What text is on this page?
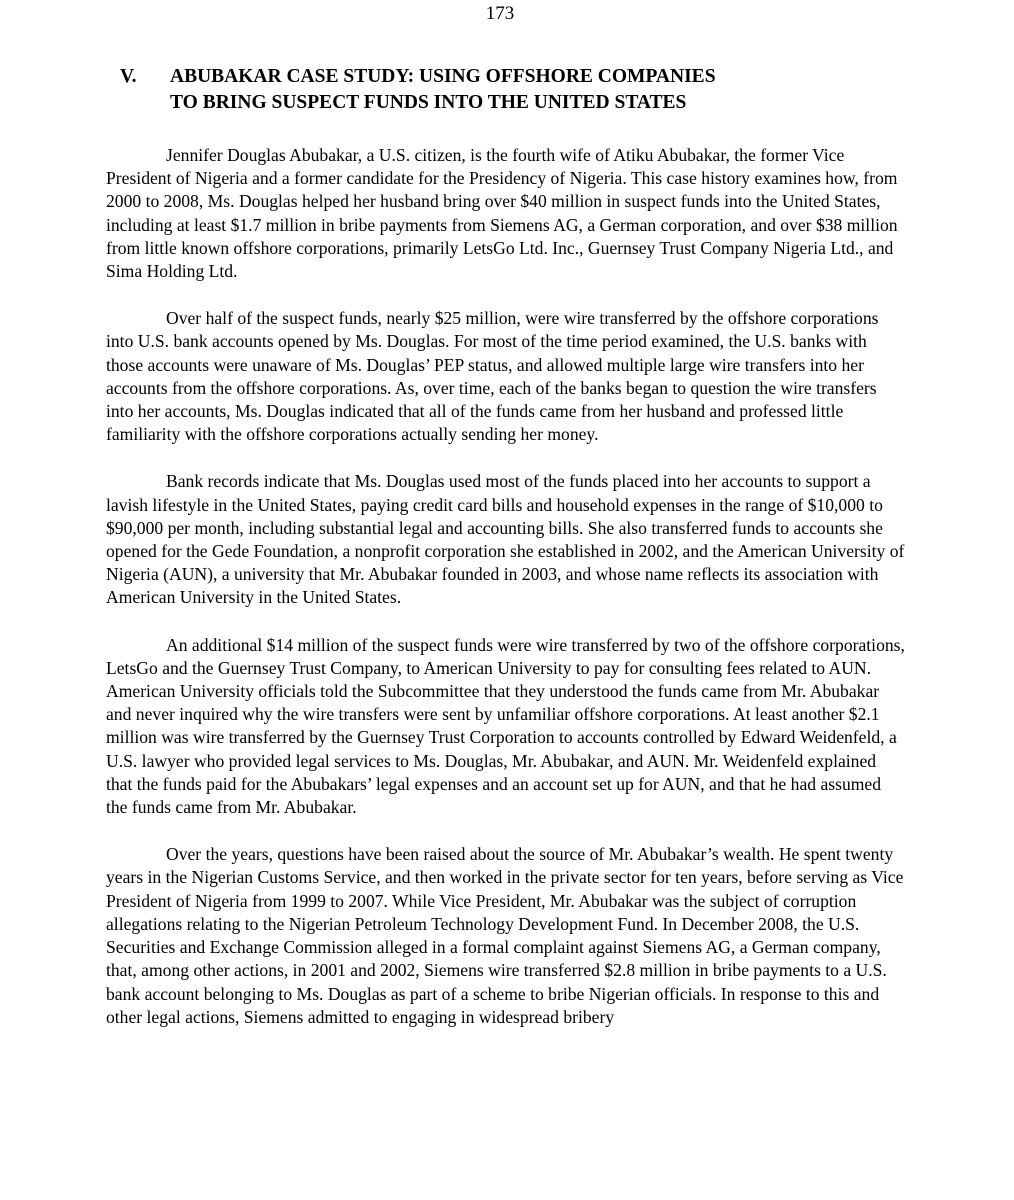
173
V. ABUBAKAR CASE STUDY: USING OFFSHORE COMPANIES
TO BRING SUSPECT FUNDS INTO THE UNITED STATES

Jennifer Douglas Abubakar, a U.S. citizen, is the fourth wife of Atiku Abubakar, the former Vice President of Nigeria and a former candidate for the Presidency of Nigeria. This case history examines how, from 2000 to 2008, Ms. Douglas helped her husband bring over $40 million in suspect funds into the United States, including at least $1.7 million in bribe payments from Siemens AG, a German corporation, and over $38 million from little known offshore corporations, primarily LetsGo Ltd. Inc., Guernsey Trust Company Nigeria Ltd., and Sima Holding Ltd.

Over half of the suspect funds, nearly $25 million, were wire transferred by the offshore corporations into U.S. bank accounts opened by Ms. Douglas. For most of the time period examined, the U.S. banks with those accounts were unaware of Ms. Douglas’ PEP status, and allowed multiple large wire transfers into her accounts from the offshore corporations. As, over time, each of the banks began to question the wire transfers into her accounts, Ms. Douglas indicated that all of the funds came from her husband and professed little familiarity with the offshore corporations actually sending her money.

Bank records indicate that Ms. Douglas used most of the funds placed into her accounts to support a lavish lifestyle in the United States, paying credit card bills and household expenses in the range of $10,000 to $90,000 per month, including substantial legal and accounting bills. She also transferred funds to accounts she opened for the Gede Foundation, a nonprofit corporation she established in 2002, and the American University of Nigeria (AUN), a university that Mr. Abubakar founded in 2003, and whose name reflects its association with American University in the United States.

An additional $14 million of the suspect funds were wire transferred by two of the offshore corporations, LetsGo and the Guernsey Trust Company, to American University to pay for consulting fees related to AUN. American University officials told the Subcommittee that they understood the funds came from Mr. Abubakar and never inquired why the wire transfers were sent by unfamiliar offshore corporations. At least another $2.1 million was wire transferred by the Guernsey Trust Corporation to accounts controlled by Edward Weidenfeld, a U.S. lawyer who provided legal services to Ms. Douglas, Mr. Abubakar, and AUN. Mr. Weidenfeld explained that the funds paid for the Abubakars’ legal expenses and an account set up for AUN, and that he had assumed the funds came from Mr. Abubakar.

Over the years, questions have been raised about the source of Mr. Abubakar’s wealth. He spent twenty years in the Nigerian Customs Service, and then worked in the private sector for ten years, before serving as Vice President of Nigeria from 1999 to 2007. While Vice President, Mr. Abubakar was the subject of corruption allegations relating to the Nigerian Petroleum Technology Development Fund. In December 2008, the U.S. Securities and Exchange Commission alleged in a formal complaint against Siemens AG, a German company, that, among other actions, in 2001 and 2002, Siemens wire transferred $2.8 million in bribe payments to a U.S. bank account belonging to Ms. Douglas as part of a scheme to bribe Nigerian officials. In response to this and other legal actions, Siemens admitted to engaging in widespread bribery
